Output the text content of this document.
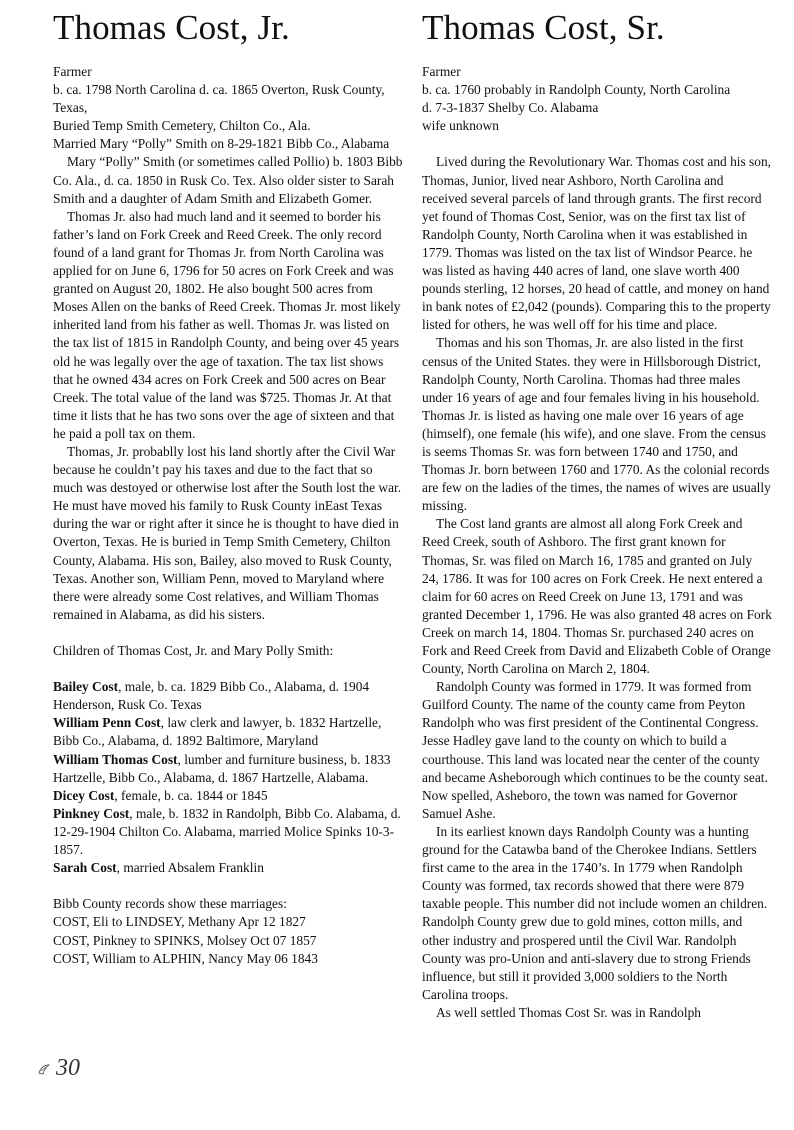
Thomas Cost, Jr.

Farmer

b. ca. 1798 North Carolina d. ca. 1865 Overton, Rusk County, Texas,

Buried Temp Smith Cemetery, Chilton Co., Ala.

Married Mary “Polly” Smith on 8-29-1821 Bibb Co., Alabama

Mary “Polly” Smith (or sometimes called Pollio) b. 1803 Bibb Co. Ala., d. ca. 1850 in Rusk Co. Tex. Also older sister to Sarah Smith and a daughter of Adam Smith and Elizabeth Gomer.

Thomas Jr. also had much land and it seemed to border his father’s land on Fork Creek and Reed Creek. The only record found of a land grant for Thomas Jr. from North Carolina was applied for on June 6, 1796 for 50 acres on Fork Creek and was granted on August 20, 1802. He also bought 500 acres from Moses Allen on the banks of Reed Creek. Thomas Jr. most likely inherited land from his father as well. Thomas Jr. was listed on the tax list of 1815 in Randolph County, and being over 45 years old he was legally over the age of taxation. The tax list shows that he owned 434 acres on Fork Creek and 500 acres on Bear Creek. The total value of the land was $725. Thomas Jr. At that time it lists that he has two sons over the age of sixteen and that he paid a poll tax on them.

Thomas, Jr. probablly lost his land shortly after the Civil War because he couldn’t pay his taxes and due to the fact that so much was destoyed or otherwise lost after the South lost the war. He must have moved his family to Rusk County inEast Texas during the war or right after it since he is thought to have died in Overton, Texas. He is buried in Temp Smith Cemetery, Chilton County, Alabama. His son, Bailey, also moved to Rusk County, Texas. Another son, William Penn, moved to Maryland where there were already some Cost relatives, and William Thomas remained in Alabama, as did his sisters.

Children of Thomas Cost, Jr. and Mary Polly Smith:

Bailey Cost, male, b. ca. 1829 Bibb Co., Alabama, d. 1904 Henderson, Rusk Co. Texas

William Penn Cost, law clerk and lawyer, b. 1832 Hartzelle, Bibb Co., Alabama, d. 1892 Baltimore, Maryland

William Thomas Cost, lumber and furniture business, b. 1833 Hartzelle, Bibb Co., Alabama, d. 1867 Hartzelle, Alabama.

Dicey Cost, female, b. ca. 1844 or 1845

Pinkney Cost, male, b. 1832 in Randolph, Bibb Co. Alabama, d. 12-29-1904 Chilton Co. Alabama, married Molice Spinks 10-3-1857.

Sarah Cost, married Absalem Franklin

Bibb County records show these marriages:

COST, Eli to LINDSEY, Methany Apr 12 1827

COST, Pinkney to SPINKS, Molsey Oct 07 1857

COST, William to ALPHIN, Nancy May 06 1843

Thomas Cost, Sr.

Farmer

b. ca. 1760 probably in Randolph County, North Carolina

d. 7-3-1837 Shelby Co. Alabama

wife unknown

Lived during the Revolutionary War. Thomas cost and his son, Thomas, Junior, lived near Ashboro, North Carolina and received several parcels of land through grants. The first record yet found of Thomas Cost, Senior, was on the first tax list of Randolph County, North Carolina when it was established in 1779. Thomas was listed on the tax list of Windsor Pearce. he was listed as having 440 acres of land, one slave worth 400 pounds sterling, 12 horses, 20 head of cattle, and money on hand in bank notes of £2,042 (pounds). Comparing this to the property listed for others, he was well off for his time and place.

Thomas and his son Thomas, Jr. are also listed in the first census of the United States. they were in Hillsborough District, Randolph County, North Carolina. Thomas had three males under 16 years of age and four females living in his household. Thomas Jr. is listed as having one male over 16 years of age (himself), one female (his wife), and one slave. From the census is seems Thomas Sr. was forn between 1740 and 1750, and Thomas Jr. born between 1760 and 1770. As the colonial records are few on the ladies of the times, the names of wives are usually missing.

The Cost land grants are almost all along Fork Creek and Reed Creek, south of Ashboro. The first grant known for Thomas, Sr. was filed on March 16, 1785 and granted on July 24, 1786. It was for 100 acres on Fork Creek. He next entered a claim for 60 acres on Reed Creek on June 13, 1791 and was granted December 1, 1796. He was also granted 48 acres on Fork Creek on march 14, 1804. Thomas Sr. purchased 240 acres on Fork and Reed Creek from David and Elizabeth Coble of Orange County, North Carolina on March 2, 1804.

Randolph County was formed in 1779. It was formed from Guilford County. The name of the county came from Peyton Randolph who was first president of the Continental Congress. Jesse Hadley gave land to the county on which to build a courthouse. This land was located near the center of the county and became Asheborough which continues to be the county seat. Now spelled, Asheboro, the town was named for Governor Samuel Ashe.

In its earliest known days Randolph County was a hunting ground for the Catawba band of the Cherokee Indians. Settlers first came to the area in the 1740’s. In 1779 when Randolph County was formed, tax records showed that there were 879 taxable people. This number did not include women an children. Randolph County grew due to gold mines, cotton mills, and other industry and prospered until the Civil War. Randolph County was pro-Union and anti-slavery due to strong Friends influence, but still it provided 3,000 soldiers to the North Carolina troops.

As well settled Thomas Cost Sr. was in Randolph

30
